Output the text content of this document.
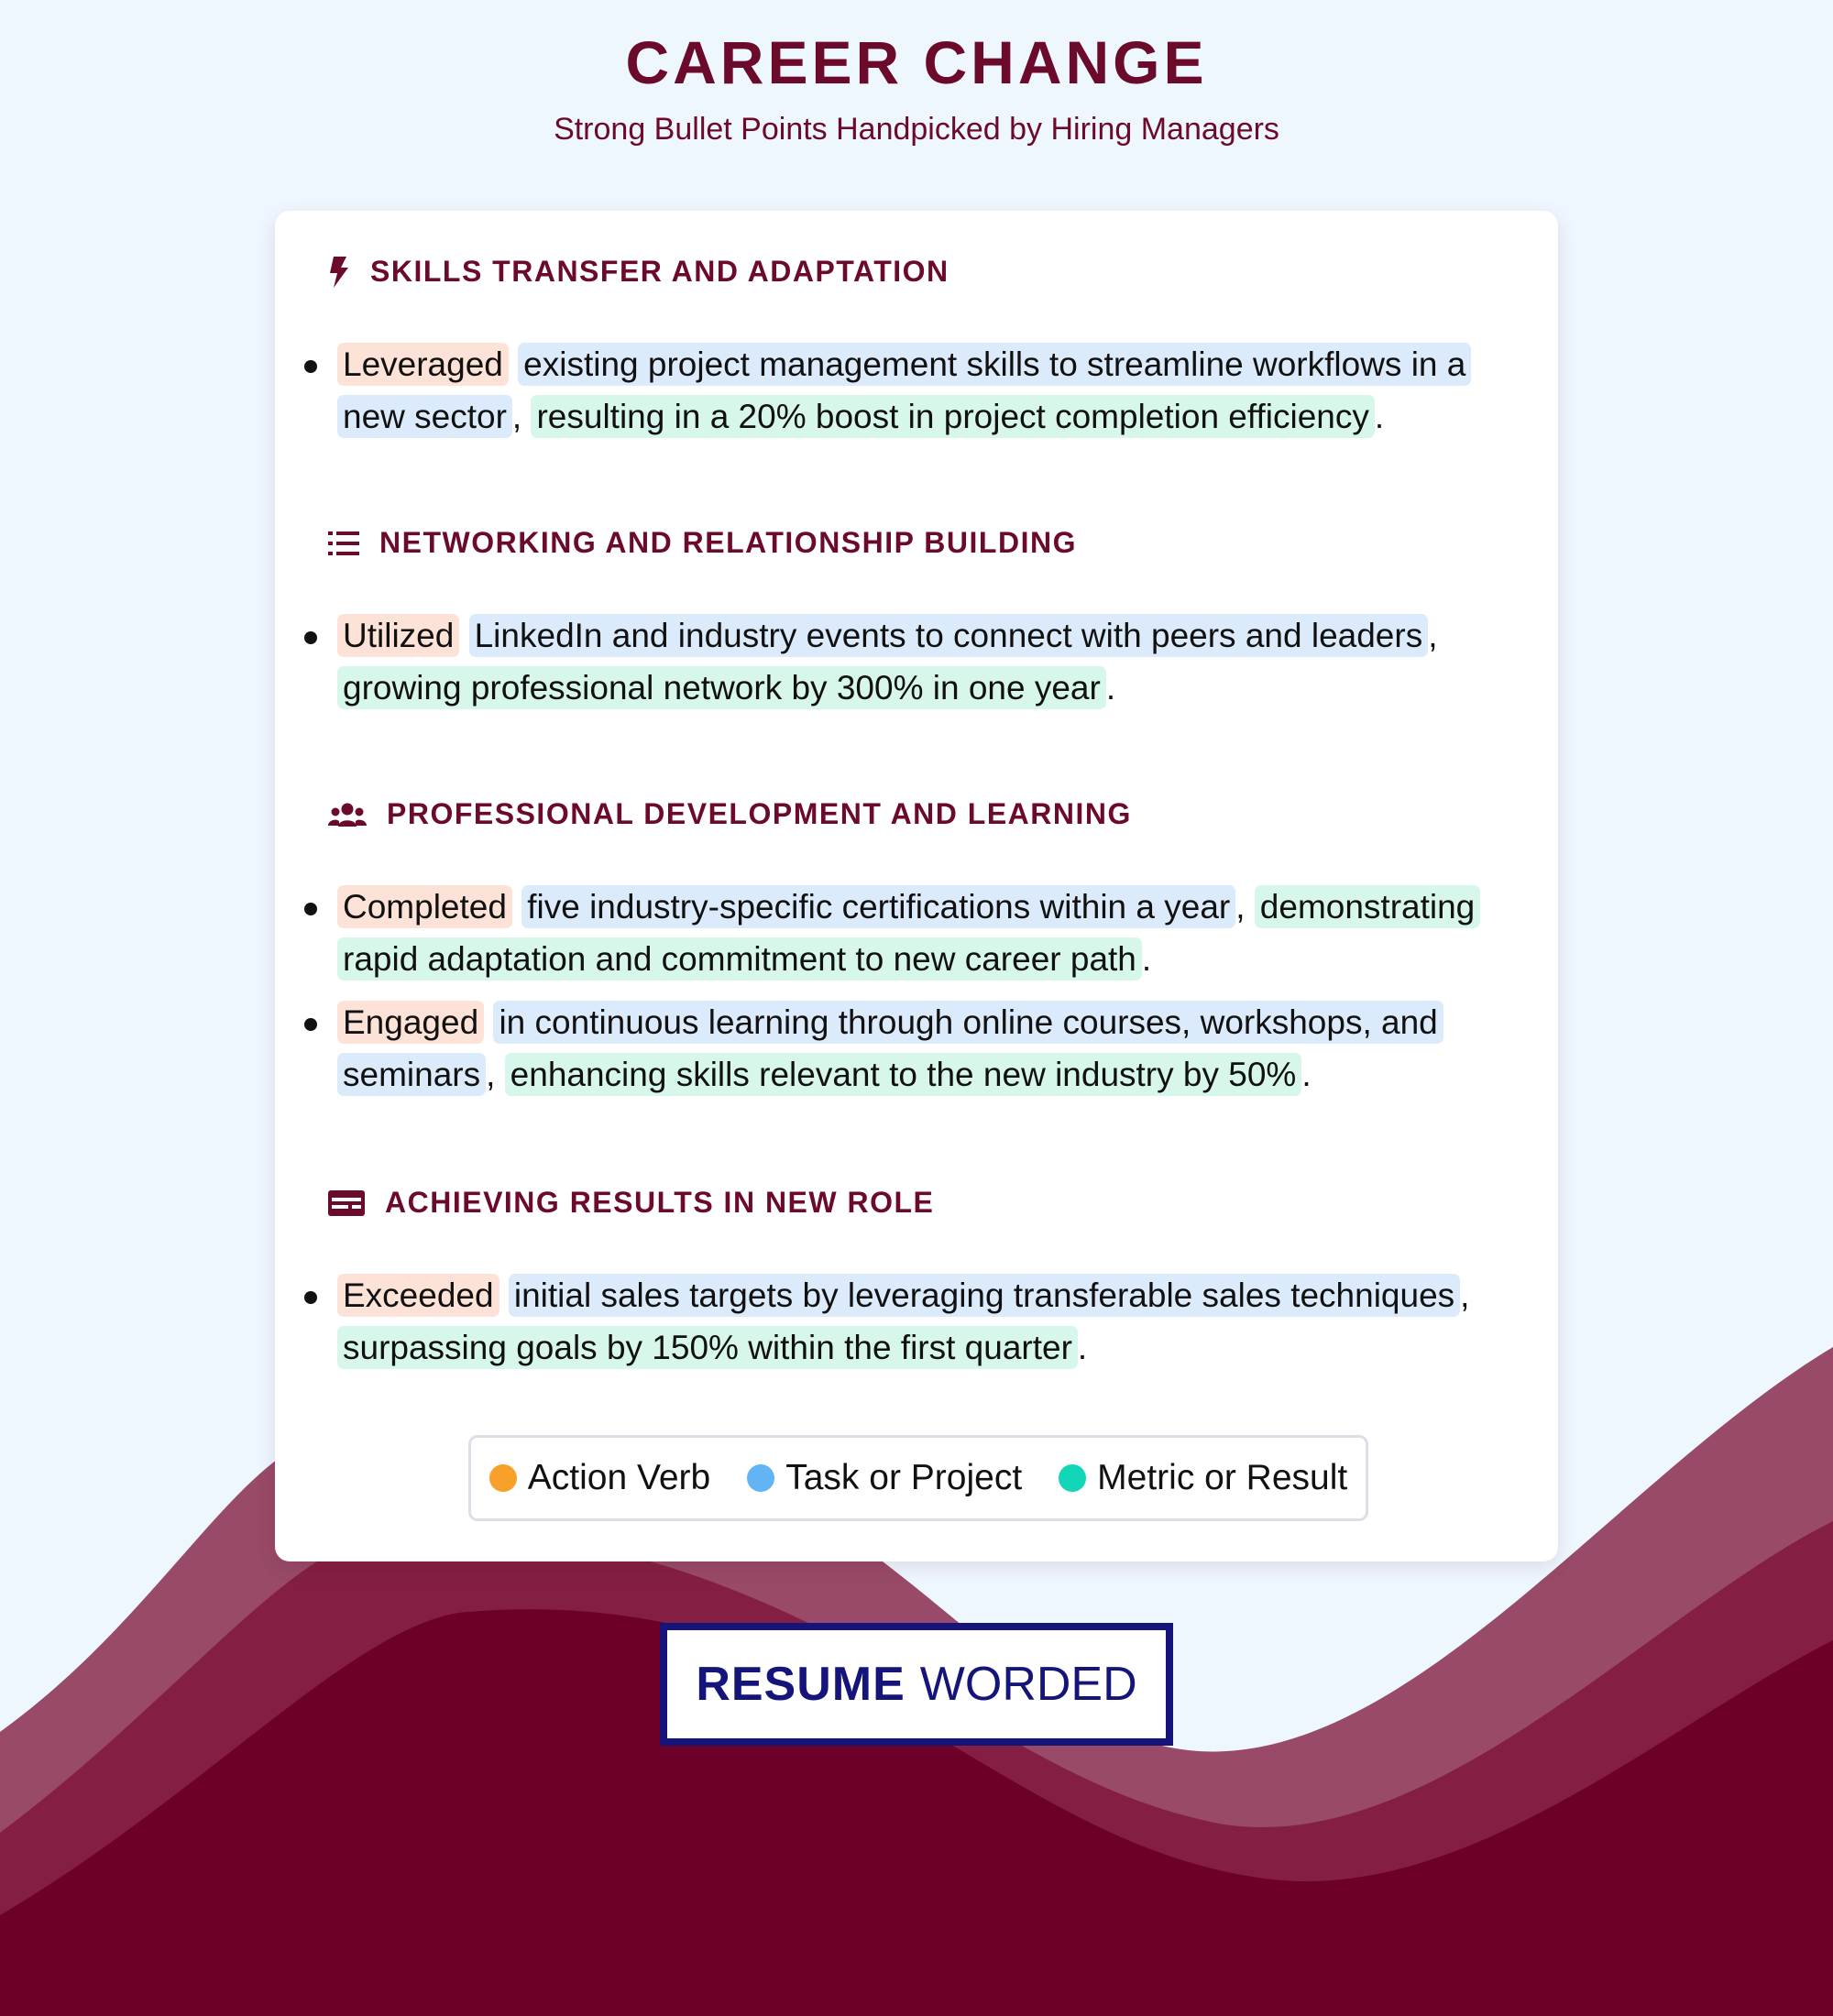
CAREER CHANGE
Strong Bullet Points Handpicked by Hiring Managers
SKILLS TRANSFER AND ADAPTATION
Leveraged existing project management skills to streamline workflows in a new sector , resulting in a 20% boost in project completion efficiency .
NETWORKING AND RELATIONSHIP BUILDING
Utilized LinkedIn and industry events to connect with peers and leaders , growing professional network by 300% in one year .
PROFESSIONAL DEVELOPMENT AND LEARNING
Completed five industry-specific certifications within a year , demonstrating rapid adaptation and commitment to new career path .
Engaged in continuous learning through online courses, workshops, and seminars , enhancing skills relevant to the new industry by 50% .
ACHIEVING RESULTS IN NEW ROLE
Exceeded initial sales targets by leveraging transferable sales techniques , surpassing goals by 150% within the first quarter .
Action Verb Task or Project Metric or Result
RESUME WORDED
